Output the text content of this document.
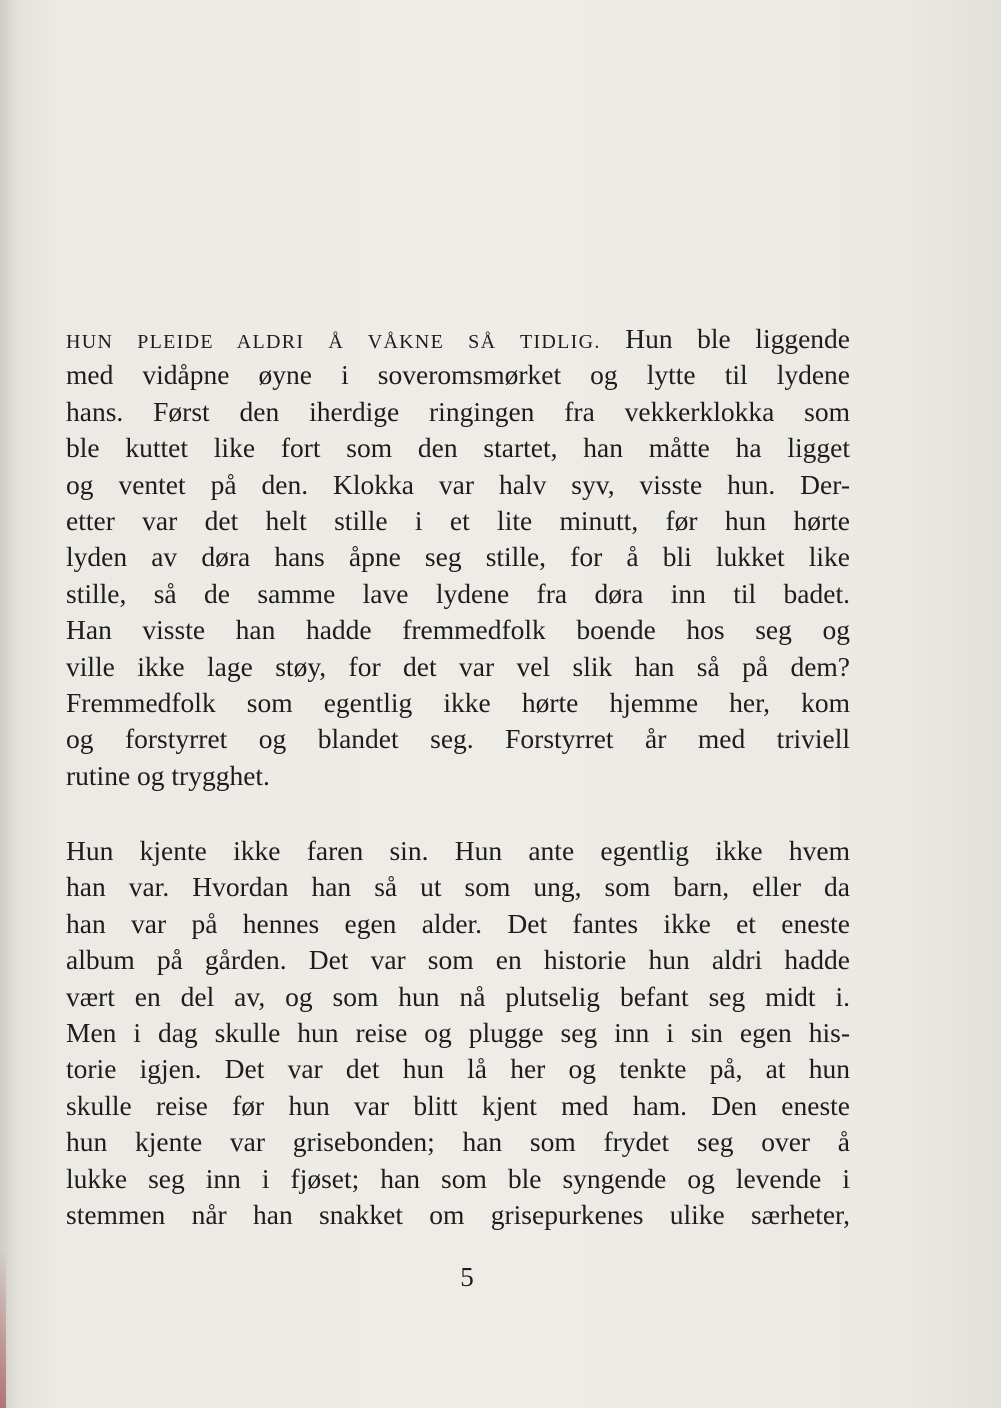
HUN PLEIDE ALDRI Å VÅKNE SÅ TIDLIG. Hun ble liggende
med vidåpne øyne i soveromsmørket og lytte til lydene
hans. Først den iherdige ringingen fra vekkerklokka som
ble kuttet like fort som den startet, han måtte ha ligget
og ventet på den. Klokka var halv syv, visste hun. Der-
etter var det helt stille i et lite minutt, før hun hørte
lyden av døra hans åpne seg stille, for å bli lukket like
stille, så de samme lave lydene fra døra inn til badet.
Han visste han hadde fremmedfolk boende hos seg og
ville ikke lage støy, for det var vel slik han så på dem?
Fremmedfolk som egentlig ikke hørte hjemme her, kom
og forstyrret og blandet seg. Forstyrret år med triviell
rutine og trygghet.
Hun kjente ikke faren sin. Hun ante egentlig ikke hvem
han var. Hvordan han så ut som ung, som barn, eller da
han var på hennes egen alder. Det fantes ikke et eneste
album på gården. Det var som en historie hun aldri hadde
vært en del av, og som hun nå plutselig befant seg midt i.
Men i dag skulle hun reise og plugge seg inn i sin egen his-
torie igjen. Det var det hun lå her og tenkte på, at hun
skulle reise før hun var blitt kjent med ham. Den eneste
hun kjente var grisebonden; han som frydet seg over å
lukke seg inn i fjøset; han som ble syngende og levende i
stemmen når han snakket om grisepurkenes ulike særheter,
5
